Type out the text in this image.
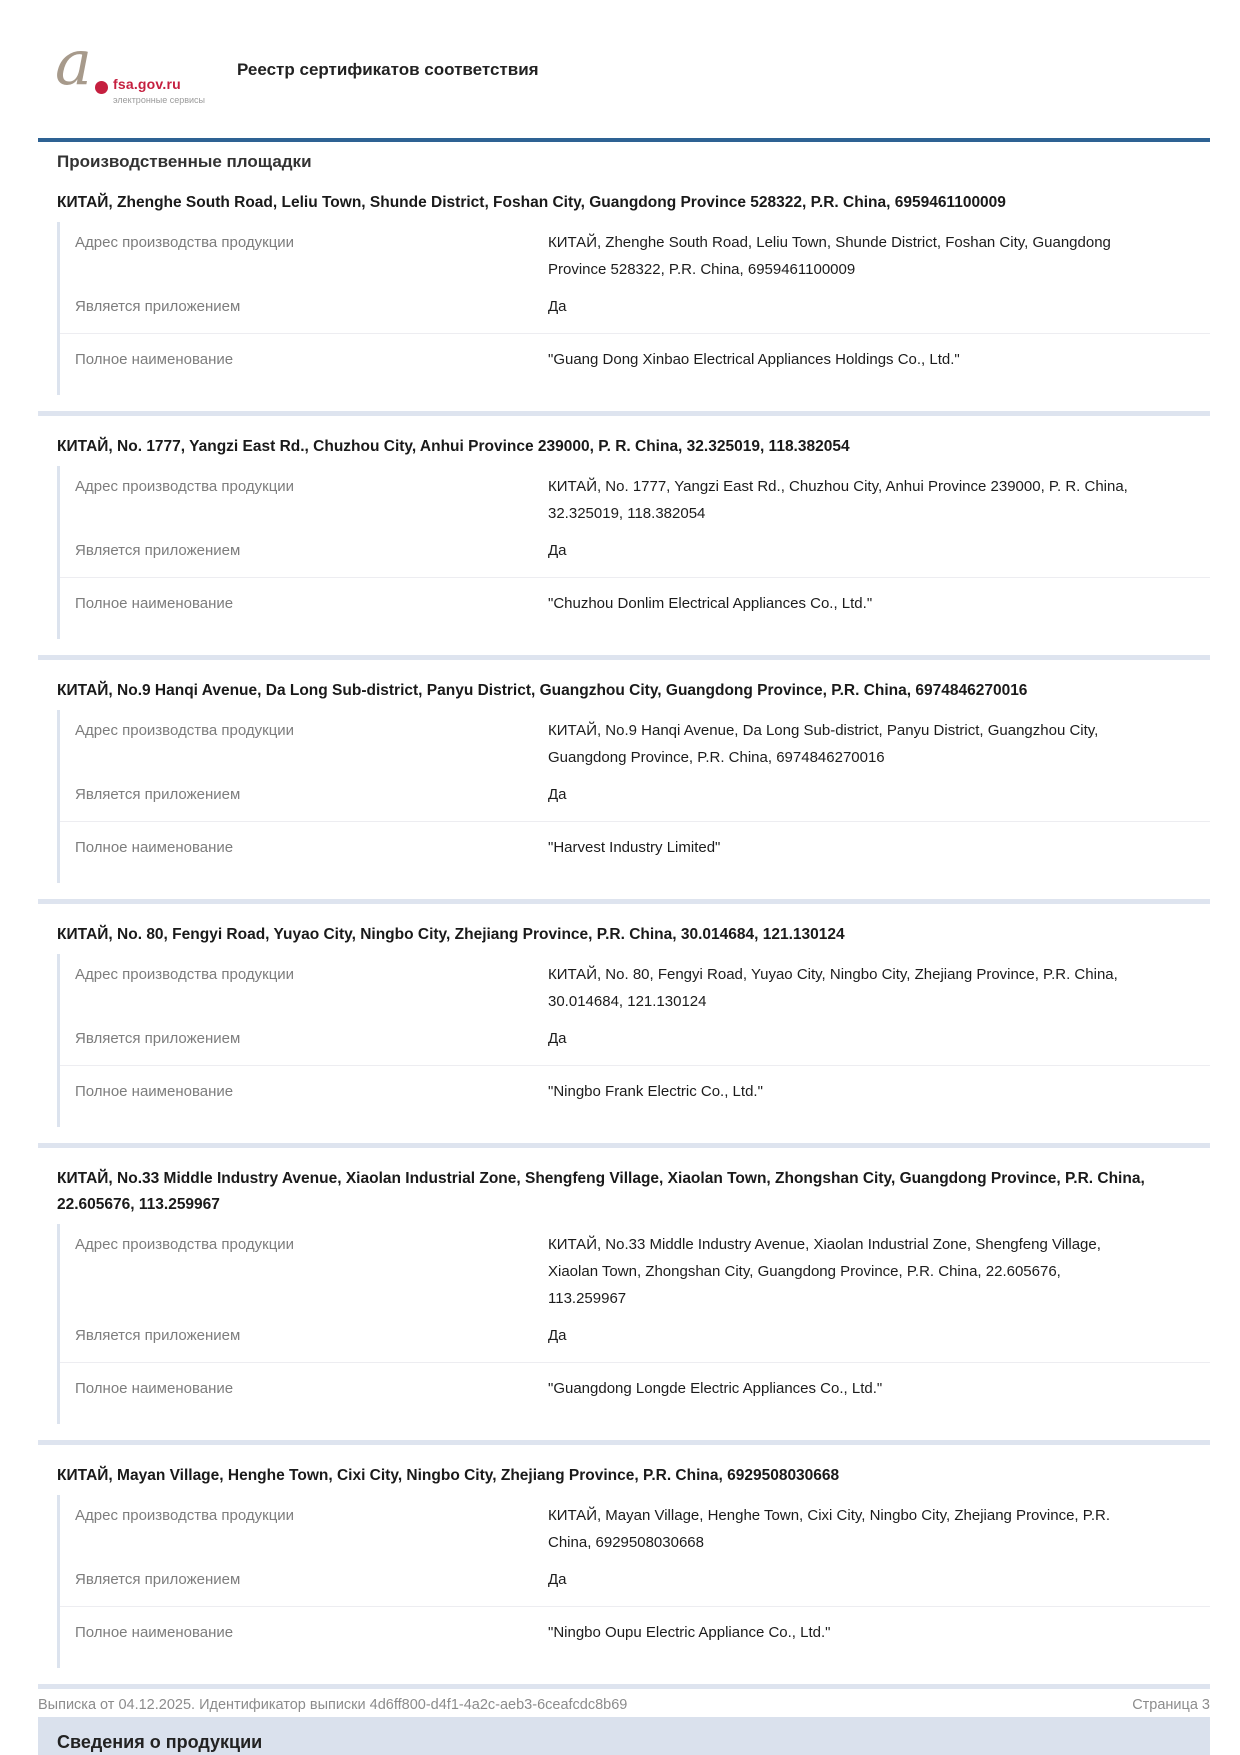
a fsa.gov.ru
электронные сервисы
Реестр сертификатов соответствия
Производственные площадки
КИТАЙ, Zhenghe South Road, Leliu Town, Shunde District, Foshan City, Guangdong Province 528322, P.R. China, 6959461100009
Адрес производства продукции	КИТАЙ, Zhenghe South Road, Leliu Town, Shunde District, Foshan City, Guangdong Province 528322, P.R. China, 6959461100009
Является приложением	Да
Полное наименование	"Guang Dong Xinbao Electrical Appliances Holdings Co., Ltd."
КИТАЙ, No. 1777, Yangzi East Rd., Chuzhou City, Anhui Province 239000, P. R. China, 32.325019, 118.382054
Адрес производства продукции	КИТАЙ, No. 1777, Yangzi East Rd., Chuzhou City, Anhui Province 239000, P. R. China, 32.325019, 118.382054
Является приложением	Да
Полное наименование	"Chuzhou Donlim Electrical Appliances Co., Ltd."
КИТАЙ, No.9 Hanqi Avenue, Da Long Sub-district, Panyu District, Guangzhou City, Guangdong Province, P.R. China, 6974846270016
Адрес производства продукции	КИТАЙ, No.9 Hanqi Avenue, Da Long Sub-district, Panyu District, Guangzhou City, Guangdong Province, P.R. China, 6974846270016
Является приложением	Да
Полное наименование	"Harvest Industry Limited"
КИТАЙ, No. 80, Fengyi Road, Yuyao City, Ningbo City, Zhejiang Province, P.R. China, 30.014684, 121.130124
Адрес производства продукции	КИТАЙ, No. 80, Fengyi Road, Yuyao City, Ningbo City, Zhejiang Province, P.R. China, 30.014684, 121.130124
Является приложением	Да
Полное наименование	"Ningbo Frank Electric Co., Ltd."
КИТАЙ, No.33 Middle Industry Avenue, Xiaolan Industrial Zone, Shengfeng Village, Xiaolan Town, Zhongshan City, Guangdong Province, P.R. China, 22.605676, 113.259967
Адрес производства продукции	КИТАЙ, No.33 Middle Industry Avenue, Xiaolan Industrial Zone, Shengfeng Village, Xiaolan Town, Zhongshan City, Guangdong Province, P.R. China, 22.605676, 113.259967
Является приложением	Да
Полное наименование	"Guangdong Longde Electric Appliances Co., Ltd."
КИТАЙ, Mayan Village, Henghe Town, Cixi City, Ningbo City, Zhejiang Province, P.R. China, 6929508030668
Адрес производства продукции	КИТАЙ, Mayan Village, Henghe Town, Cixi City, Ningbo City, Zhejiang Province, P.R. China, 6929508030668
Является приложением	Да
Полное наименование	"Ningbo Oupu Electric Appliance Co., Ltd."
Сведения о продукции
Выписка от 04.12.2025. Идентификатор выписки 4d6ff800-d4f1-4a2c-aeb3-6ceafcdc8b69	Страница 3
